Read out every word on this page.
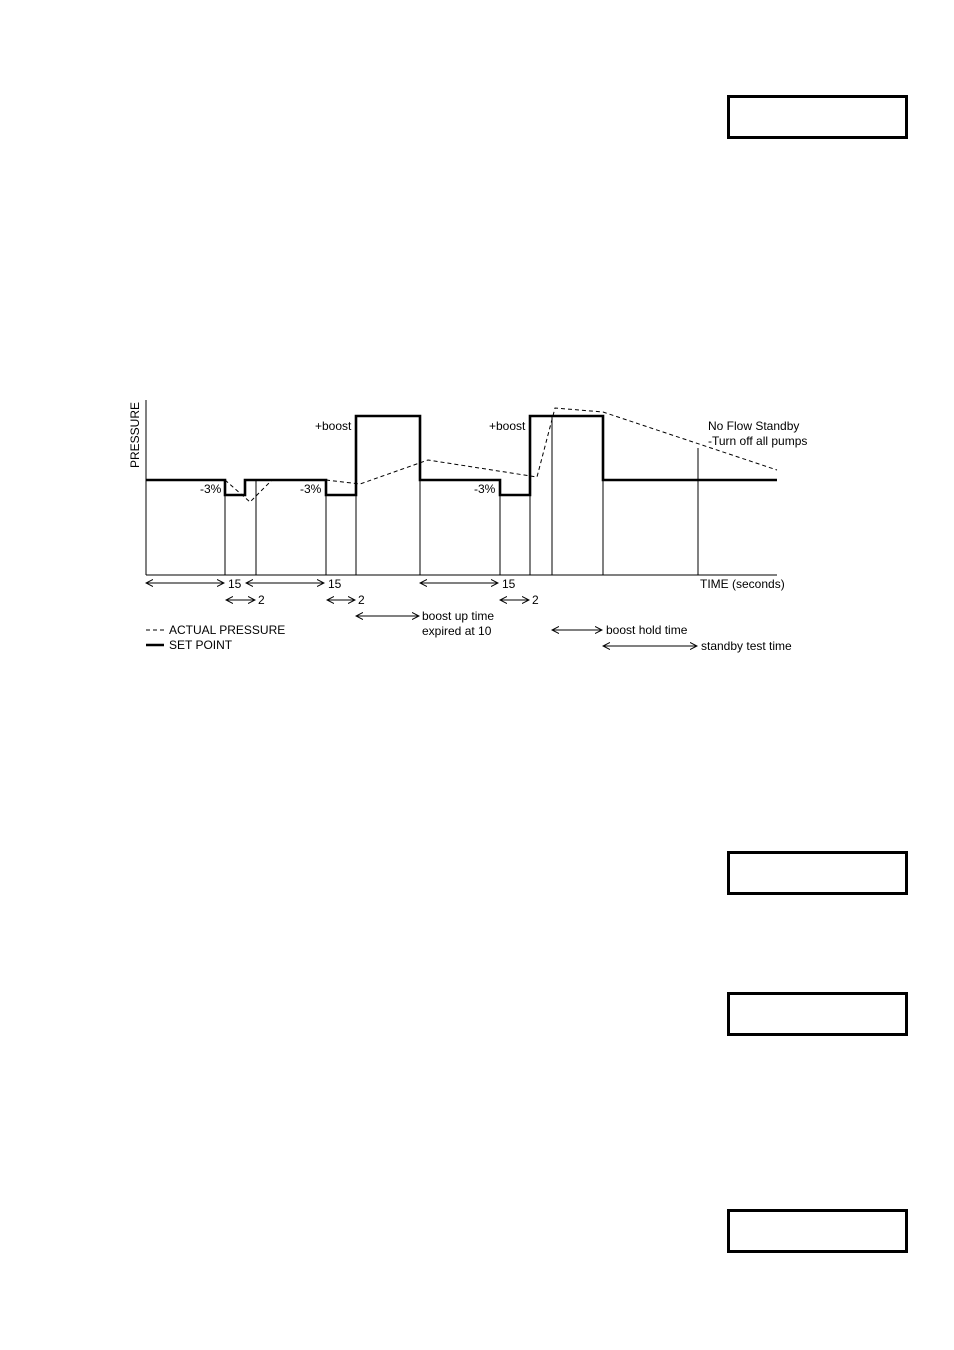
PRESSURE
TIME (seconds)
-3%	-3%	-3%
+boost	+boost	No Flow Standby
-Turn off all pumps
15	15	15
2	2	2
boost up time
expired at 10	boost hold time
standby test time
ACTUAL PRESSURE
SET POINT
